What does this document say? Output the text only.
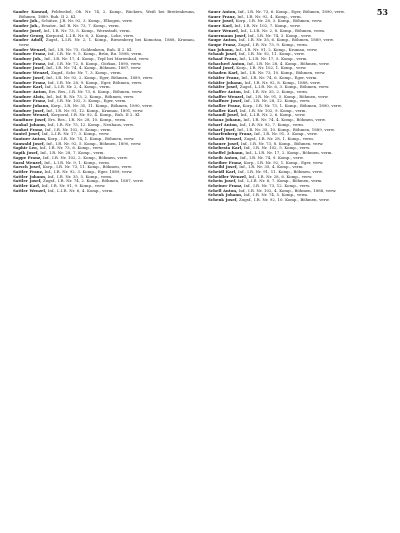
53
Sander Konrad, Feldwebel, Ob. Nr. 74, 2. Komp., Rückers, Weiß bei Breitenbrunn, Böhmen, 1889. Ruh. II 2. Kl.
Sander Joh., Schütze, J.R. Nr. 92, 3. Komp., Elbogen, verw.
Sander Joh., Ersatzr., Inf. R. Nr. 73, 7. Komp., verm.
Sander Josef, Inf., I.R. Nr. 73, 5. Komp., Wernstadt, verm.
Sander Georg, Korporal, L.I.R. Nr. 6, 3. Komp., Lohe, verw.
Sander Adolf, Zugsf., L.I.R. Nr. 2, 1. Komp., Riesenberg bei Komotau, 1888, Krumau, verw.
Sander Wenzel, Inf., I.R. Nr. 75, Goldenkron, Ruh. II 2. Kl.
Sandner Franz, Inf., I.R. Nr. 9, 5. Komp., Brüx, Ru. 1898, verm.
Sandner Joh., Inf., I.R. Nr. 17, 4. Komp., Tepl bei Marienbad, verw.
Sandner Franz, Inf., I.R. Nr. 72, 8. Komp., Görkau, 1890, verw.
Sandner Josef, Inf., I.R. Nr. 74, 4. Komp., Böhmen, 1887, verw.
Sandner Wenzel, Zugsf., Schr. Nr. 7, 3. Komp., verm.
Sandner Josef, Inf., I.R. Nr. 92, 2. Komp., Eger, Böhmen, 1889, verw.
Sandner Franz, Inf., I.R. Nr. 28, 9. Komp., Eger, Böhmen, verw.
Sandner Karl, Inf., L.I.R. Nr. 2, 4. Komp., verm.
Sandner Anton, Ers. Res., I.R. Nr. 73, 6. Komp., Böhmen, verw.
Sandner Alois, Inf., Inf. R. Nr. 73, 2. Komp., Böhmen, verw.
Sandner Franz, Inf., I.R. Nr. 102, 3. Komp., Eger, verm.
Sandner Johann, Korp., I.R. Nr. 35, 11. Komp., Böhmen, 1890, verw.
Sandner Josef, Inf., I.R. Nr. 91, 12. Komp., Krumau, 1891, verw.
Sandner Wenzel, Korporal, I.R. Nr. 92, 4. Komp., Ruh. II 2. Kl.
Sandtner Josef, Ers. Res., I.R. Nr. 28, 10. Komp., verm.
Sankal Johann, Inf., I.R. Nr. 75, 12. Komp., Neuhaus, verw.
Sankot Franz, Inf., I.R. Nr. 102, 8. Komp., verm.
Santel Josef, Inf., L.I.R. Nr. 17, 3. Komp., verw.
Santner Anton, Korp., I.R. Nr. 74, 1. Komp., Böhmen, verw.
Sanwald Josef, Inf., I.R. Nr. 92, 5. Komp., Böhmen, 1890, verw.
Saphir Leo, Inf., I.R. Nr. 73, 6. Komp., verw.
Sapik Josef, Inf., I.R. Nr. 28, 7. Komp., verm.
Sappe Franz, Inf., I.R. Nr. 102, 2. Komp., Böhmen, verw.
Saral Wenzel, Inf., L.I.R. Nr. 9, 1. Komp., verm.
Sarsch Josef, Korp., I.R. Nr. 73, 11. Komp., Böhmen, verw.
Sattler Franz, Inf., I.R. Nr. 92, 3. Komp., Eger, 1889, verw.
Sattler Johann, Inf., I.R. Nr. 35, 5. Komp., verm.
Sattler Josef, Zugsf., I.R. Nr. 74, 2. Komp., Böhmen, 1887, verw.
Sattler Karl, Inf., I.R. Nr. 91, 9. Komp., verw.
Sattler Wenzel, Inf., L.I.R. Nr. 6, 4. Komp., verm.
Sauer Anton, Inf., I.R. Nr. 73, 6. Komp., Eger, Böhmen, 1890, verw.
Sauer Franz, Inf., I.R. Nr. 92, 4. Komp., verm.
Sauer Josef, Korp., I.R. Nr. 28, 3. Komp., Böhmen, verw.
Sauer Karl, Inf., I.R. Nr. 102, 7. Komp., verw.
Sauer Wenzel, Inf., L.I.R. Nr. 2, 8. Komp., Böhmen, verm.
Sauermann Josef, Inf., I.R. Nr. 74, 3. Komp., verw.
Saupe Anton, Inf., I.R. Nr. 35, 6. Komp., Böhmen, 1889, verw.
Saupe Franz, Zugsf., I.R. Nr. 73, 9. Komp., verm.
Sax Johann, Inf., I.R. Nr. 91, 2. Komp., Krumau, verw.
Schaab Josef, Inf., I.R. Nr. 92, 11. Komp., verw.
Schaaf Franz, Inf., L.I.R. Nr. 17, 5. Komp., verm.
Schacherl Anton, Inf., I.R. Nr. 28, 4. Komp., Böhmen, verw.
Schad Josef, Korp., I.R. Nr. 102, 1. Komp., verw.
Schaden Karl, Inf., I.R. Nr. 73, 10. Komp., Böhmen, verw.
Schäfer Franz, Inf., I.R. Nr. 74, 6. Komp., Eger, verm.
Schäfer Johann, Inf., I.R. Nr. 92, 8. Komp., 1888, verw.
Schäfer Josef, Zugsf., L.I.R. Nr. 6, 3. Komp., Böhmen, verw.
Schaffer Anton, Inf., I.R. Nr. 35, 2. Komp., verm.
Schaffer Wenzel, Inf., I.R. Nr. 91, 5. Komp., Böhmen, verw.
Schaffner Josef, Inf., I.R. Nr. 28, 12. Komp., verw.
Schaller Franz, Korp., I.R. Nr. 73, 1. Komp., Böhmen, 1890, verw.
Schaller Karl, Inf., I.R. Nr. 102, 9. Komp., verm.
Schandl Josef, Inf., L.I.R. Nr. 2, 6. Komp., verw.
Schanz Johann, Inf., I.R. Nr. 74, 4. Komp., Böhmen, verw.
Scharf Anton, Inf., I.R. Nr. 92, 7. Komp., verm.
Scharf Josef, Inf., I.R. Nr. 35, 10. Komp., Böhmen, 1889, verw.
Scharfenberg Franz, Inf., I.R. Nr. 91, 3. Komp., verw.
Schaub Wenzel, Zugsf., I.R. Nr. 28, 1. Komp., verm.
Schauer Josef, Inf., I.R. Nr. 73, 8. Komp., Böhmen, verw.
Schebesta Karl, Inf., I.R. Nr. 102, 5. Komp., verw.
Scheffel Johann, Inf., L.I.R. Nr. 17, 2. Komp., Böhmen, verm.
Scheib Anton, Inf., I.R. Nr. 74, 9. Komp., verw.
Scheiber Franz, Korp., I.R. Nr. 92, 1. Komp., Eger, verw.
Scheibl Josef, Inf., I.R. Nr. 35, 4. Komp., verm.
Scheidl Karl, Inf., I.R. Nr. 91, 11. Komp., Böhmen, verw.
Scheidler Wenzel, Inf., I.R. Nr. 28, 6. Komp., verw.
Schein Josef, Inf., L.I.R. Nr. 6, 7. Komp., Böhmen, verm.
Scheiner Franz, Inf., I.R. Nr. 73, 12. Komp., verw.
Schell Anton, Inf., I.R. Nr. 102, 4. Komp., Böhmen, 1888, verw.
Schenk Johann, Inf., I.R. Nr. 74, 5. Komp., verm.
Schenk Josef, Zugsf., I.R. Nr. 92, 10. Komp., Böhmen, verw.
